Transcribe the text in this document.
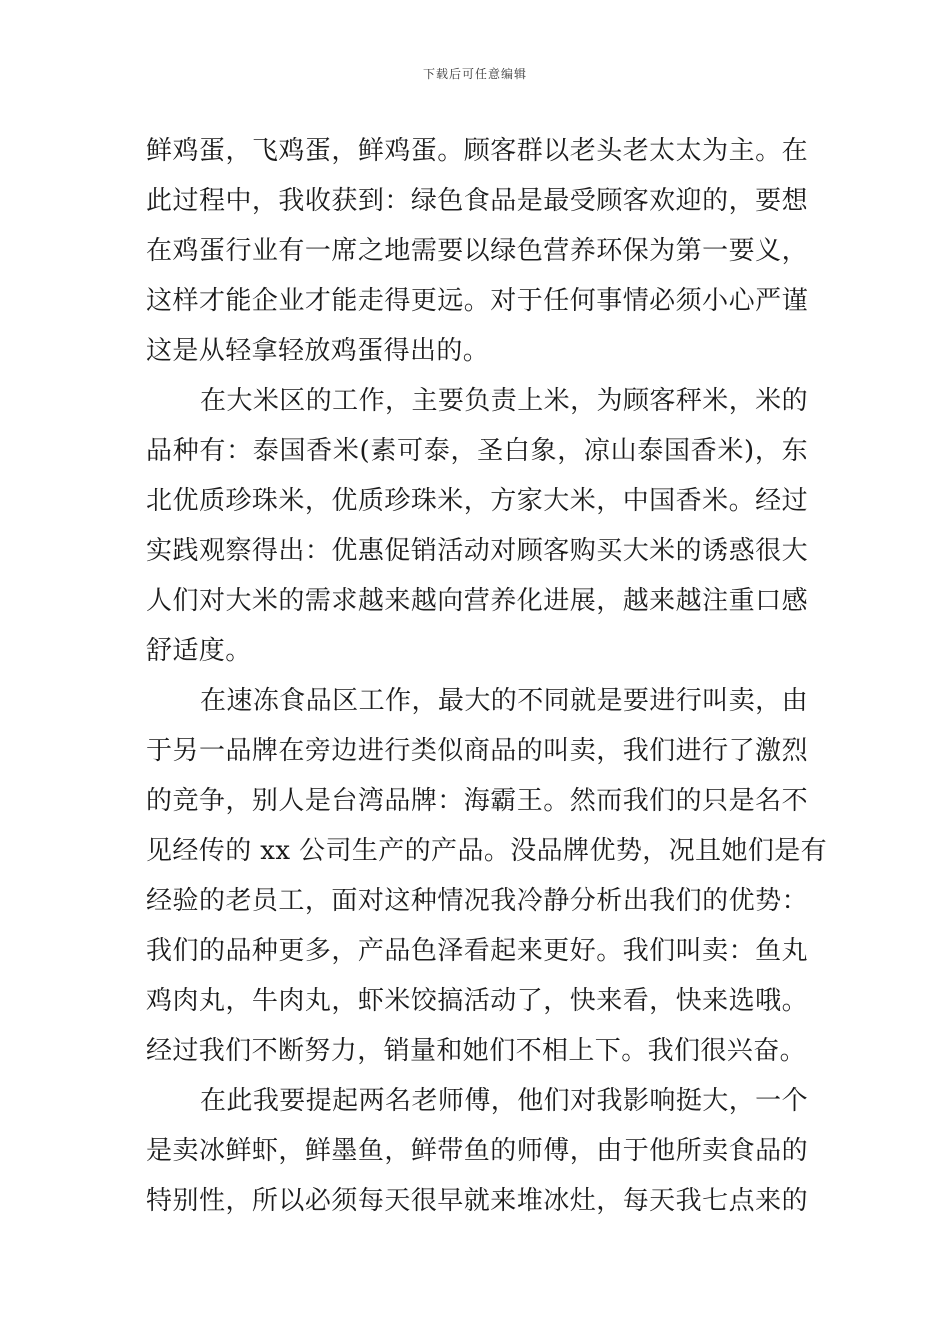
下载后可任意编辑
鲜鸡蛋，飞鸡蛋，鲜鸡蛋。顾客群以老头老太太为主。在
此过程中，我收获到：绿色食品是最受顾客欢迎的，要想
在鸡蛋行业有一席之地需要以绿色营养环保为第一要义，
这样才能企业才能走得更远。对于任何事情必须小心严谨
这是从轻拿轻放鸡蛋得出的。
在大米区的工作，主要负责上米，为顾客秤米，米的
品种有：泰国香米(素可泰，圣白象，凉山泰国香米)，东
北优质珍珠米，优质珍珠米，方家大米，中国香米。经过
实践观察得出：优惠促销活动对顾客购买大米的诱惑很大
人们对大米的需求越来越向营养化进展，越来越注重口感
舒适度。
在速冻食品区工作，最大的不同就是要进行叫卖，由
于另一品牌在旁边进行类似商品的叫卖，我们进行了激烈
的竞争，别人是台湾品牌：海霸王。然而我们的只是名不
见经传的 xx 公司生产的产品。没品牌优势，况且她们是有
经验的老员工，面对这种情况我冷静分析出我们的优势：
我们的品种更多，产品色泽看起来更好。我们叫卖：鱼丸
鸡肉丸，牛肉丸，虾米饺搞活动了，快来看，快来选哦。
经过我们不断努力，销量和她们不相上下。我们很兴奋。
在此我要提起两名老师傅，他们对我影响挺大，一个
是卖冰鲜虾，鲜墨鱼，鲜带鱼的师傅，由于他所卖食品的
特别性，所以必须每天很早就来堆冰灶，每天我七点来的
